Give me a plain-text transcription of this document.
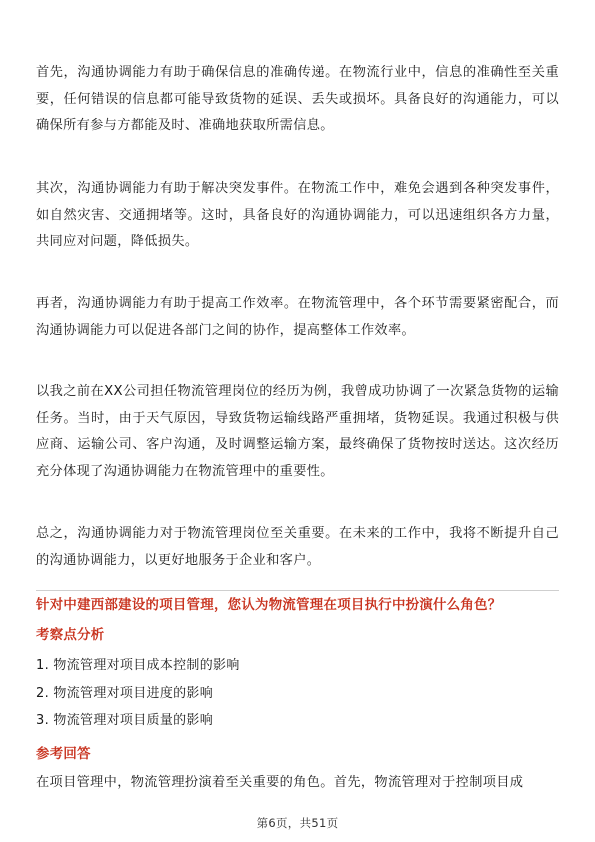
首先，沟通协调能力有助于确保信息的准确传递。在物流行业中，信息的准确性至关重要，任何错误的信息都可能导致货物的延误、丢失或损坏。具备良好的沟通能力，可以确保所有参与方都能及时、准确地获取所需信息。

其次，沟通协调能力有助于解决突发事件。在物流工作中，难免会遇到各种突发事件，如自然灾害、交通拥堵等。这时，具备良好的沟通协调能力，可以迅速组织各方力量，共同应对问题，降低损失。

再者，沟通协调能力有助于提高工作效率。在物流管理中，各个环节需要紧密配合，而沟通协调能力可以促进各部门之间的协作，提高整体工作效率。

以我之前在XX公司担任物流管理岗位的经历为例，我曾成功协调了一次紧急货物的运输任务。当时，由于天气原因，导致货物运输线路严重拥堵，货物延误。我通过积极与供应商、运输公司、客户沟通，及时调整运输方案，最终确保了货物按时送达。这次经历充分体现了沟通协调能力在物流管理中的重要性。

总之，沟通协调能力对于物流管理岗位至关重要。在未来的工作中，我将不断提升自己的沟通协调能力，以更好地服务于企业和客户。

针对中建西部建设的项目管理，您认为物流管理在项目执行中扮演什么角色？
考察点分析
1. 物流管理对项目成本控制的影响
2. 物流管理对项目进度的影响
3. 物流管理对项目质量的影响
参考回答

在项目管理中，物流管理扮演着至关重要的角色。首先，物流管理对于控制项目成

第6页，共51页
